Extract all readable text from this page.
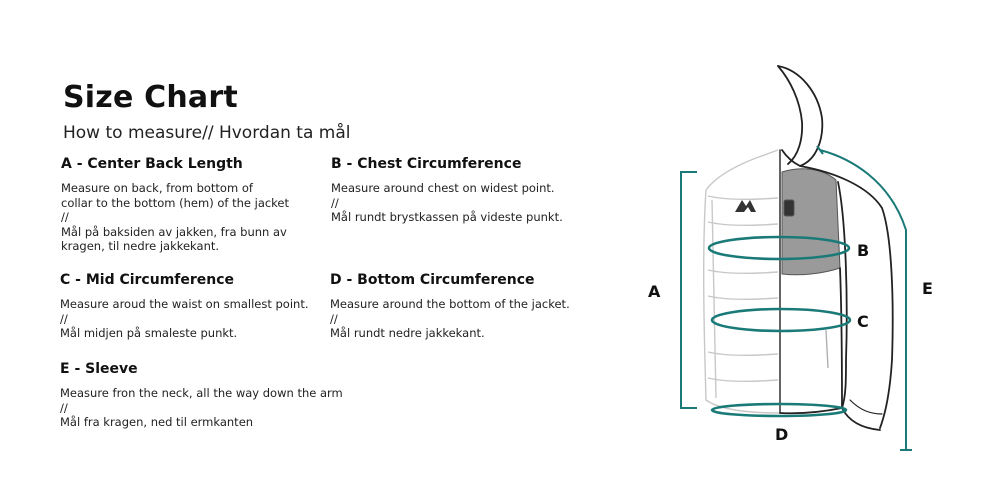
Size Chart
How to measure// Hvordan ta mål
A - Center Back Length

Measure on back, from bottom of
collar to the bottom (hem) of the jacket
//
Mål på baksiden av jakken, fra bunn av
kragen, til nedre jakkekant.

B - Chest Circumference

Measure around chest on widest point.
//
Mål rundt brystkassen på videste punkt.

C - Mid Circumference

Measure aroud the waist on smallest point.
//
Mål midjen på smaleste punkt.

D - Bottom Circumference

Measure around the bottom of the jacket.
//
Mål rundt nedre jakkekant.

E - Sleeve

Measure fron the neck, all the way down the arm
//
Mål fra kragen, ned til ermkanten

A
B
C
D
E
